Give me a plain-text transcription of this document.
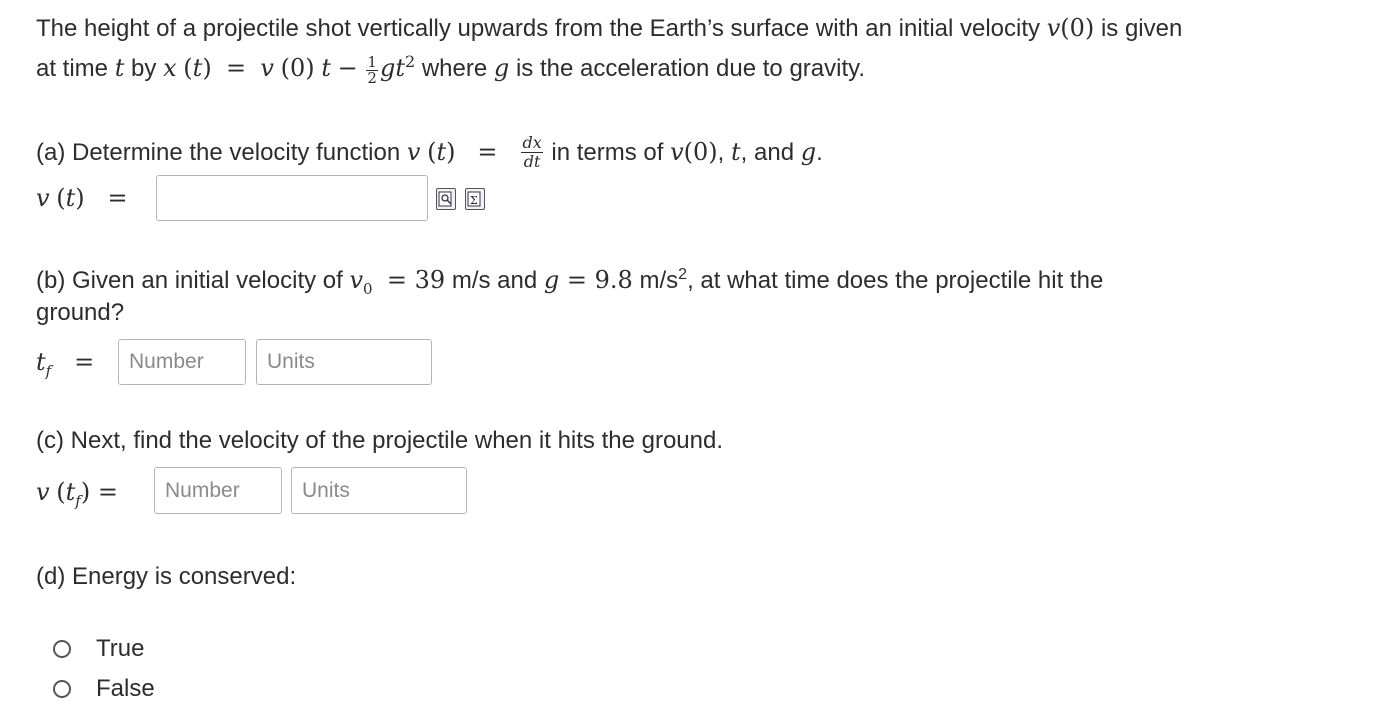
The height of a projectile shot vertically upwards from the Earth’s surface with an initial velocity v(0) is given
at time t by x (t)  =  v (0) $t - \frac{1}{2} gt^2$ where g is the acceleration due to gravity.
(a) Determine the velocity function v $(t) = \frac{dx}{dt}$ in terms of v(0), t, and g.
v (t)   =	Σ
(b) Given an initial velocity of $v_0 = 39$ m/s and g = 9.8 $m/s^2$, at what time does the projectile hit the
ground?
$t_f$   =
Number
Units
(c) Next, find the velocity of the projectile when it hits the ground.
v $(t_f)$ =
Number
Units
(d) Energy is conserved:
True
False
